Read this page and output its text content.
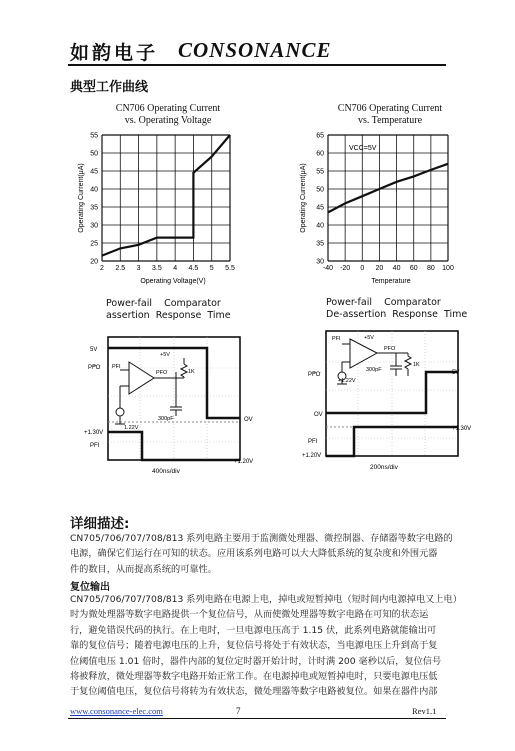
如韵电子 CONSONANCE
典型工作曲线
CN706 Operating Current
vs. Operating Voltage
CN706 Operating Current
vs. Temperature
20
25
30
35
40
45
50
55
2 2.5 3 3.5 4 4.5 5 5.5
Operating Current(μA)
Operating Voltage(V)
30
35
40
45
50
55
60
65
-40 -20 0 20 40 60 80 100
Operating Current(μA)
Temperature
VCC=5V
Power-fail    Comparator
assertion  Response  Time
Power-fail    Comparator
De-assertion  Response  Time
5V
PFO PFI
+5V
PFO	1K
300pF
1.22V
OV
+1.30V
PFI
+1.20V
400ns/div
PFI	+5V
PFO
PFO
+1.22V
300pF
1K
5V
OV
+1.30V
PFI
+1.20V
200ns/div
详细描述:
CN705/706/707/708/813 系列电路主要用于监测微处理器、微控制器、存储器等数字电路的
电源，确保它们运行在可知的状态。应用该系列电路可以大大降低系统的复杂度和外围元器
件的数目，从而提高系统的可靠性。
复位输出
CN705/706/707/708/813 系列电路在电源上电，掉电或短暂掉电（短时间内电源掉电又上电）
时为微处理器等数字电路提供一个复位信号，从而使微处理器等数字电路在可知的状态运
行，避免错误代码的执行。在上电时，一旦电源电压高于 1.15 伏，此系列电路就能输出可
靠的复位信号；随着电源电压的上升，复位信号将处于有效状态，当电源电压上升到高于复
位阈值电压 1.01 倍时，器件内部的复位定时器开始计时，计时满 200 毫秒以后，复位信号
将被释放，微处理器等数字电路开始正常工作。在电源掉电或短暂掉电时，只要电源电压低
于复位阈值电压，复位信号将转为有效状态，微处理器等数字电路被复位。如果在器件内部
www.consonance-elec.com	7	Rev1.1
